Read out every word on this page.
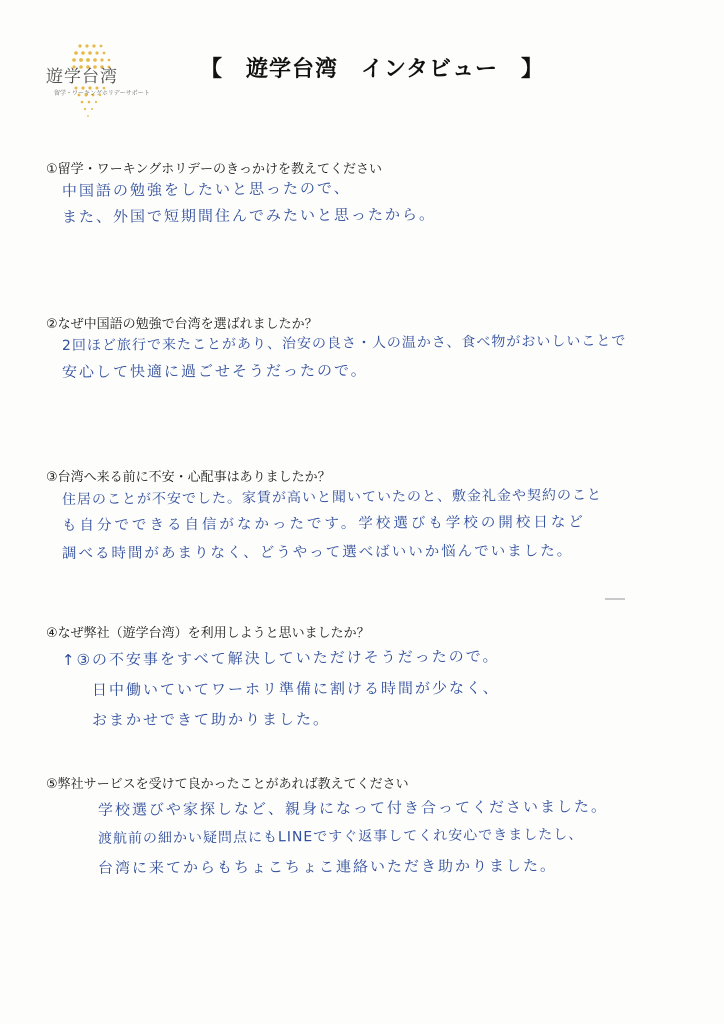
遊学台湾
留学・ワーキングホリデーサポート
【　遊学台湾　インタビュー　】
①留学・ワーキングホリデーのきっかけを教えてください
中国語の勉強をしたいと思ったので、
また、外国で短期間住んでみたいと思ったから。
②なぜ中国語の勉強で台湾を選ばれましたか？
2回ほど旅行で来たことがあり、治安の良さ・人の温かさ、食べ物がおいしいことで
安心して快適に過ごせそうだったので。
③台湾へ来る前に不安・心配事はありましたか？
住居のことが不安でした。家賃が高いと聞いていたのと、敷金礼金や契約のこと
も自分でできる自信がなかったです。学校選びも学校の開校日など
調べる時間があまりなく、どうやって選べばいいか悩んでいました。
④なぜ弊社（遊学台湾）を利用しようと思いましたか？
↑③の不安事をすべて解決していただけそうだったので。
日中働いていてワーホリ準備に割ける時間が少なく、
おまかせできて助かりました。
⑤弊社サービスを受けて良かったことがあれば教えてください
学校選びや家探しなど、親身になって付き合ってくださいました。
渡航前の細かい疑問点にもLINEですぐ返事してくれ安心できましたし、
台湾に来てからもちょこちょこ連絡いただき助かりました。
